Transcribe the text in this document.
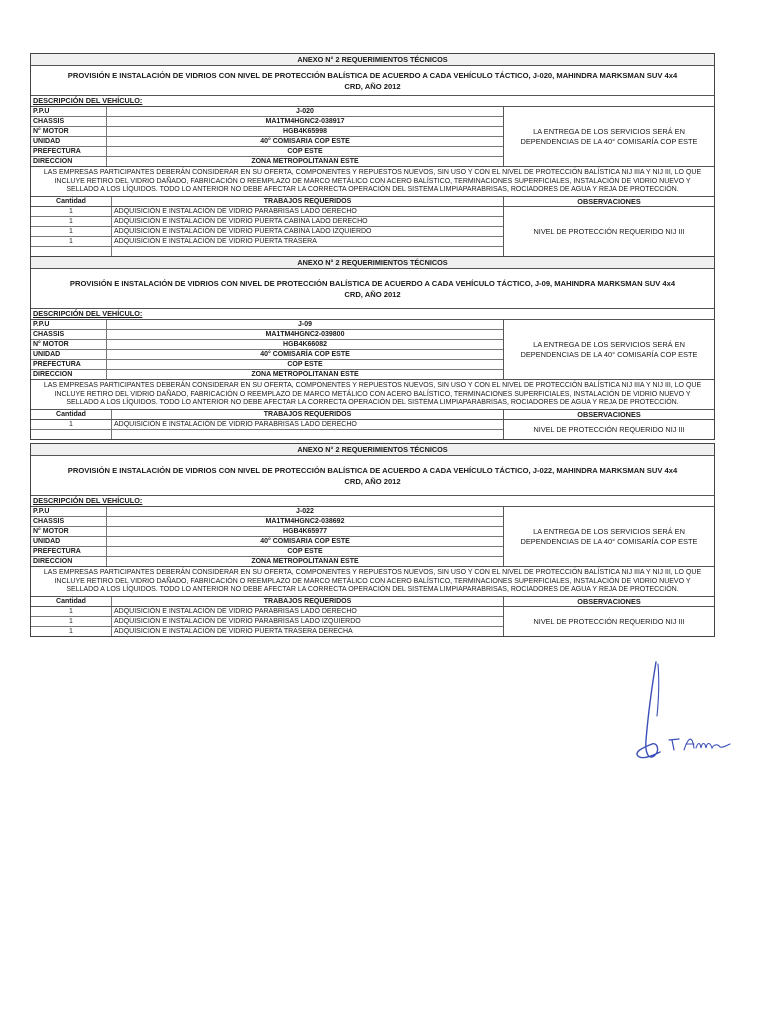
ANEXO N° 2 REQUERIMIENTOS TÉCNICOS
PROVISIÓN E INSTALACIÓN DE VIDRIOS CON NIVEL DE PROTECCIÓN BALÍSTICA DE ACUERDO A CADA VEHÍCULO TÁCTICO, J-020, MAHINDRA MARKSMAN SUV 4x4 CRD, AÑO 2012
DESCRIPCIÓN DEL VEHÍCULO:
P.P.U	J-020
CHASSIS	MA1TM4HGNC2-038917
N° MOTOR	HGB4K65998
UNIDAD	40° COMISARIA COP ESTE
PREFECTURA	COP ESTE
DIRECCION	ZONA METROPOLITANAN ESTE
LA ENTREGA DE LOS SERVICIOS SERÁ EN DEPENDENCIAS DE LA 40° COMISARÍA COP ESTE
LAS EMPRESAS PARTICIPANTES DEBERÁN CONSIDERAR EN SU OFERTA, COMPONENTES Y REPUESTOS NUEVOS, SIN USO Y CON EL NIVEL DE PROTECCIÓN BALÍSTICA NIJ IIIA Y NIJ III, LO QUE INCLUYE RETIRO DEL VIDRIO DAÑADO, FABRICACIÓN O REEMPLAZO DE MARCO METÁLICO CON ACERO BALÍSTICO, TERMINACIONES SUPERFICIALES, INSTALACIÓN DE VIDRIO NUEVO Y SELLADO A LOS LÍQUIDOS. TODO LO ANTERIOR NO DEBE AFECTAR LA CORRECTA OPERACIÓN DEL SISTEMA LIMPIAPARABRISAS, ROCIADORES DE AGUA Y REJA DE PROTECCIÓN.
Cantidad	TRABAJOS REQUERIDOS
1	ADQUISICIÓN E INSTALACIÓN DE VIDRIO PARABRISAS LADO DERECHO
1	ADQUISICIÓN E INSTALACIÓN DE VIDRIO PUERTA CABINA LADO DERECHO
1	ADQUISICIÓN E INSTALACIÓN DE VIDRIO PUERTA CABINA LADO IZQUIERDO
1	ADQUISICIÓN E INSTALACIÓN DE VIDRIO PUERTA TRASERA
OBSERVACIONES
NIVEL DE PROTECCIÓN REQUERIDO NIJ III
ANEXO N° 2 REQUERIMIENTOS TÉCNICOS
PROVISIÓN E INSTALACIÓN DE VIDRIOS CON NIVEL DE PROTECCIÓN BALÍSTICA DE ACUERDO A CADA VEHÍCULO TÁCTICO, J-09, MAHINDRA MARKSMAN SUV 4x4 CRD, AÑO 2012
DESCRIPCIÓN DEL VEHÍCULO:
P.P.U	J-09
CHASSIS	MA1TM4HGNC2-039800
N° MOTOR	HGB4K66082
UNIDAD	40° COMISARÍA COP ESTE
PREFECTURA	COP ESTE
DIRECCION	ZONA METROPOLITANAN ESTE
LA ENTREGA DE LOS SERVICIOS SERÁ EN DEPENDENCIAS DE LA 40° COMISARÍA COP ESTE
LAS EMPRESAS PARTICIPANTES DEBERÁN CONSIDERAR EN SU OFERTA, COMPONENTES Y REPUESTOS NUEVOS, SIN USO Y CON EL NIVEL DE PROTECCIÓN BALÍSTICA NIJ IIIA Y NIJ III, LO QUE INCLUYE RETIRO DEL VIDRIO DAÑADO, FABRICACIÓN O REEMPLAZO DE MARCO METÁLICO CON ACERO BALÍSTICO, TERMINACIONES SUPERFICIALES, INSTALACIÓN DE VIDRIO NUEVO Y SELLADO A LOS LÍQUIDOS. TODO LO ANTERIOR NO DEBE AFECTAR LA CORRECTA OPERACIÓN DEL SISTEMA LIMPIAPARABRISAS, ROCIADORES DE AGUA Y REJA DE PROTECCIÓN.
Cantidad	TRABAJOS REQUERIDOS
1	ADQUISICIÓN E INSTALACIÓN DE VIDRIO PARABRISAS LADO DERECHO
OBSERVACIONES
NIVEL DE PROTECCIÓN REQUERIDO NIJ III
ANEXO N° 2 REQUERIMIENTOS TÉCNICOS
PROVISIÓN E INSTALACIÓN DE VIDRIOS CON NIVEL DE PROTECCIÓN BALÍSTICA DE ACUERDO A CADA VEHÍCULO TÁCTICO, J-022, MAHINDRA MARKSMAN SUV 4x4 CRD, AÑO 2012
DESCRIPCIÓN DEL VEHÍCULO:
P.P.U	J-022
CHASSIS	MA1TM4HGNC2-038692
N° MOTOR	HGB4K65977
UNIDAD	40° COMISARIA COP ESTE
PREFECTURA	COP ESTE
DIRECCION	ZONA METROPOLITANAN ESTE
LA ENTREGA DE LOS SERVICIOS SERÁ EN DEPENDENCIAS DE LA 40° COMISARÍA COP ESTE
LAS EMPRESAS PARTICIPANTES DEBERÁN CONSIDERAR EN SU OFERTA, COMPONENTES Y REPUESTOS NUEVOS, SIN USO Y CON EL NIVEL DE PROTECCIÓN BALÍSTICA NIJ IIIA Y NIJ III, LO QUE INCLUYE RETIRO DEL VIDRIO DAÑADO, FABRICACIÓN O REEMPLAZO DE MARCO METÁLICO CON ACERO BALÍSTICO, TERMINACIONES SUPERFICIALES, INSTALACIÓN DE VIDRIO NUEVO Y SELLADO A LOS LÍQUIDOS. TODO LO ANTERIOR NO DEBE AFECTAR LA CORRECTA OPERACIÓN DEL SISTEMA LIMPIAPARABRISAS, ROCIADORES DE AGUA Y REJA DE PROTECCIÓN.
Cantidad	TRABAJOS REQUERIDOS
1	ADQUISICIÓN E INSTALACIÓN DE VIDRIO PARABRISAS LADO DERECHO
1	ADQUISICIÓN E INSTALACIÓN DE VIDRIO PARABRISAS LADO IZQUIERDO
1	ADQUISICIÓN E INSTALACIÓN DE VIDRIO PUERTA TRASERA DERECHA
OBSERVACIONES
NIVEL DE PROTECCIÓN REQUERIDO NIJ III
